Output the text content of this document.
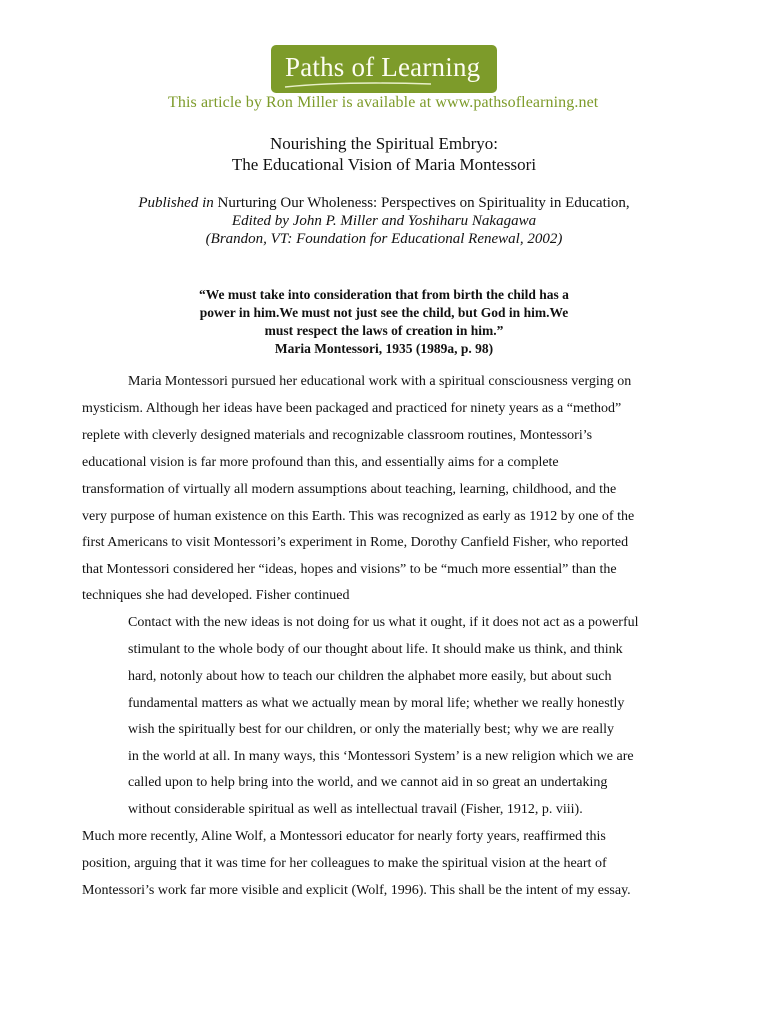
Paths of Learning
This article by Ron Miller is available at www.pathsoflearning.net
Nourishing the Spiritual Embryo:
The Educational Vision of Maria Montessori
Published in Nurturing Our Wholeness: Perspectives on Spirituality in Education,
Edited by John P. Miller and Yoshiharu Nakagawa
(Brandon, VT: Foundation for Educational Renewal, 2002)
“We must take into consideration that from birth the child has a
power in him.We must not just see the child, but God in him.We
must respect the laws of creation in him.”
Maria Montessori, 1935 (1989a, p. 98)
Maria Montessori pursued her educational work with a spiritual consciousness verging on
mysticism. Although her ideas have been packaged and practiced for ninety years as a “method”
replete with cleverly designed materials and recognizable classroom routines, Montessori’s
educational vision is far more profound than this, and essentially aims for a complete
transformation of virtually all modern assumptions about teaching, learning, childhood, and the
very purpose of human existence on this Earth. This was recognized as early as 1912 by one of the
first Americans to visit Montessori’s experiment in Rome, Dorothy Canfield Fisher, who reported
that Montessori considered her “ideas, hopes and visions” to be “much more essential” than the
techniques she had developed. Fisher continued
Contact with the new ideas is not doing for us what it ought, if it does not act as a powerful
stimulant to the whole body of our thought about life. It should make us think, and think
hard, notonly about how to teach our children the alphabet more easily, but about such
fundamental matters as what we actually mean by moral life; whether we really honestly
wish the spiritually best for our children, or only the materially best; why we are really
in the world at all. In many ways, this ‘Montessori System’ is a new religion which we are
called upon to help bring into the world, and we cannot aid in so great an undertaking
without considerable spiritual as well as intellectual travail (Fisher, 1912, p. viii).
Much more recently, Aline Wolf, a Montessori educator for nearly forty years, reaffirmed this
position, arguing that it was time for her colleagues to make the spiritual vision at the heart of
Montessori’s work far more visible and explicit (Wolf, 1996). This shall be the intent of my essay.
